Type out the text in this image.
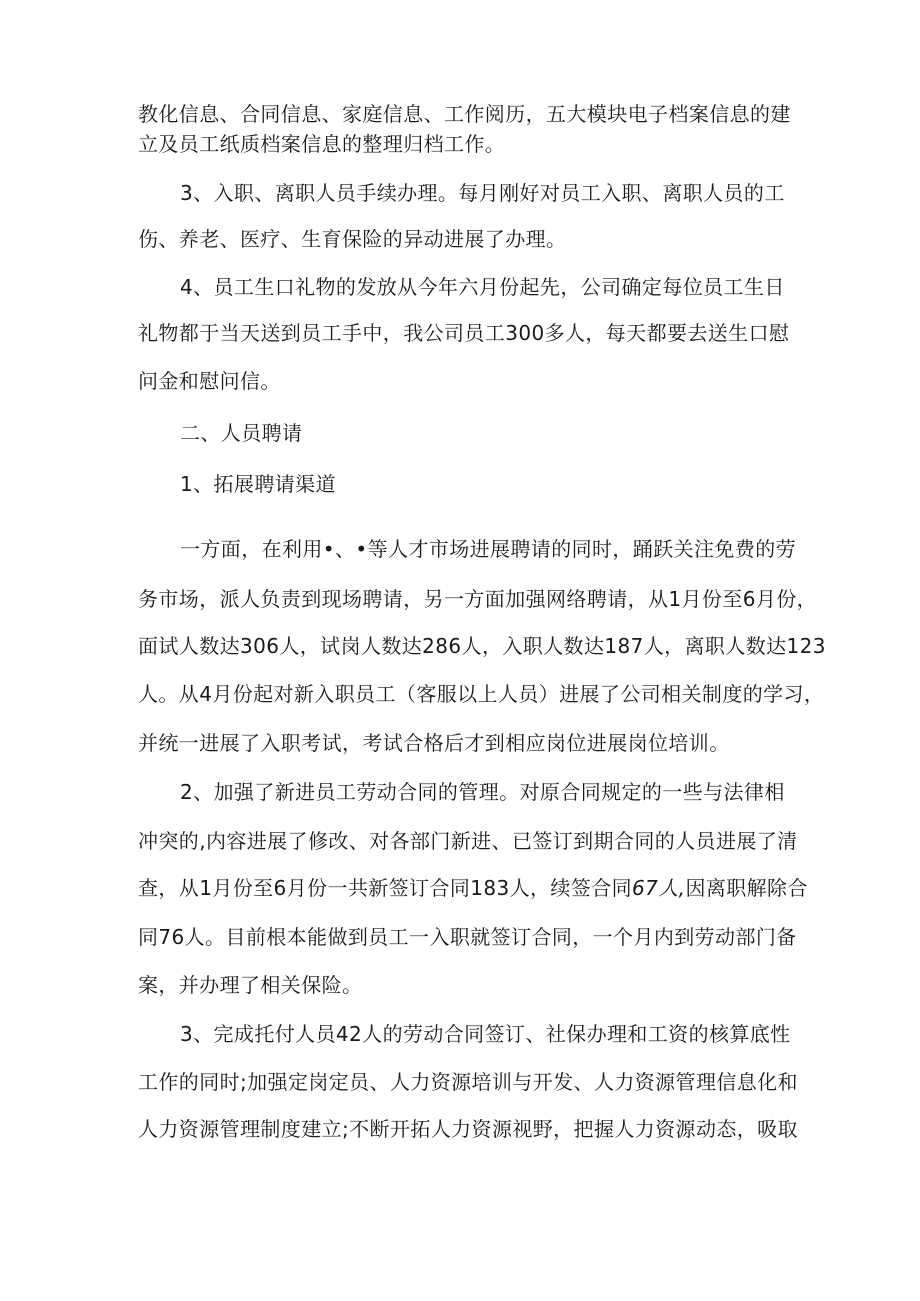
教化信息、合同信息、家庭信息、工作阅历，五大模块电子档案信息的建
立及员工纸质档案信息的整理归档工作。
3、入职、离职人员手续办理。每月刚好对员工入职、离职人员的工
伤、养老、医疗、生育保险的异动进展了办理。
4、员工生口礼物的发放从今年六月份起先，公司确定每位员工生日
礼物都于当天送到员工手中，我公司员工300多人，每天都要去送生口慰
问金和慰问信。
二、人员聘请
1、拓展聘请渠道
一方面，在利用•、•等人才市场进展聘请的同时，踊跃关注免费的劳
务市场，派人负责到现场聘请，另一方面加强网络聘请，从1月份至6月份，
面试人数达306人，试岗人数达286人，入职人数达187人，离职人数达123
人。从4月份起对新入职员工（客服以上人员）进展了公司相关制度的学习，
并统一进展了入职考试，考试合格后才到相应岗位进展岗位培训。
2、加强了新进员工劳动合同的管理。对原合同规定的一些与法律相
冲突的,内容进展了修改、对各部门新进、已签订到期合同的人员进展了清
查，从1月份至6月份一共新签订合同183人，续签合同67人,因离职解除合
同76人。目前根本能做到员工一入职就签订合同，一个月内到劳动部门备
案，并办理了相关保险。
3、完成托付人员42人的劳动合同签订、社保办理和工资的核算底性
工作的同时;加强定岗定员、人力资源培训与开发、人力资源管理信息化和
人力资源管理制度建立;不断开拓人力资源视野，把握人力资源动态，吸取
